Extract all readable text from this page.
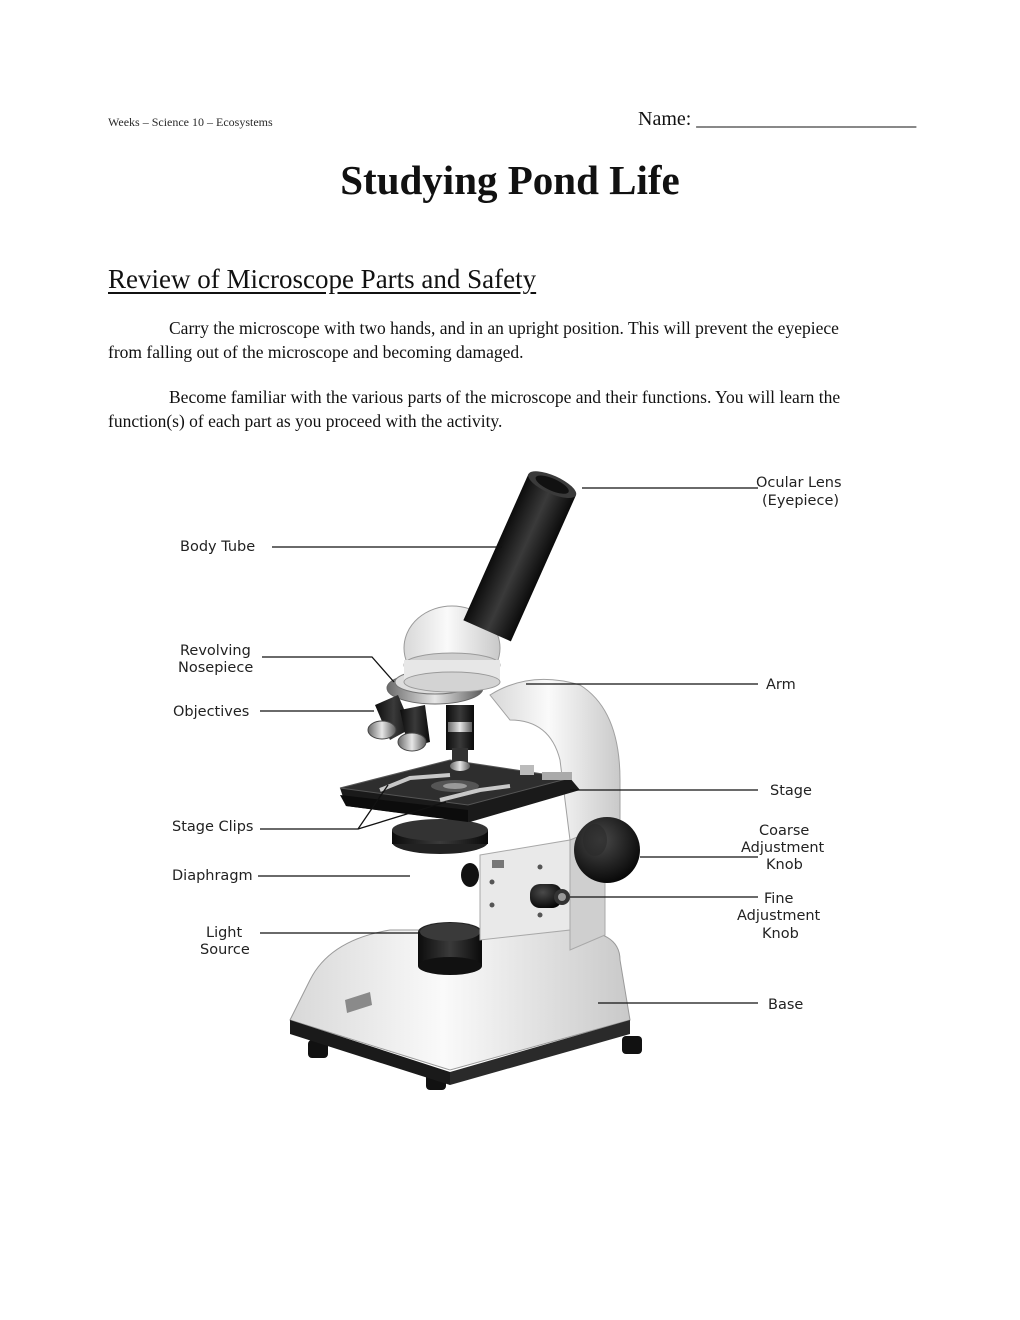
Weeks – Science 10 – Ecosystems	Name: ______________________
Studying Pond Life
Review of Microscope Parts and Safety
Carry the microscope with two hands, and in an upright position. This will prevent the eyepiece from falling out of the microscope and becoming damaged.
Become familiar with the various parts of the microscope and their functions. You will learn the function(s) of each part as you proceed with the activity.
Ocular Lens
(Eyepiece)
Body Tube
Revolving
Nosepiece
Objectives
Arm
Stage
Stage Clips	Coarse
Adjustment
Knob
Diaphragm
Fine
Adjustment
Knob
Light
Source
Base
